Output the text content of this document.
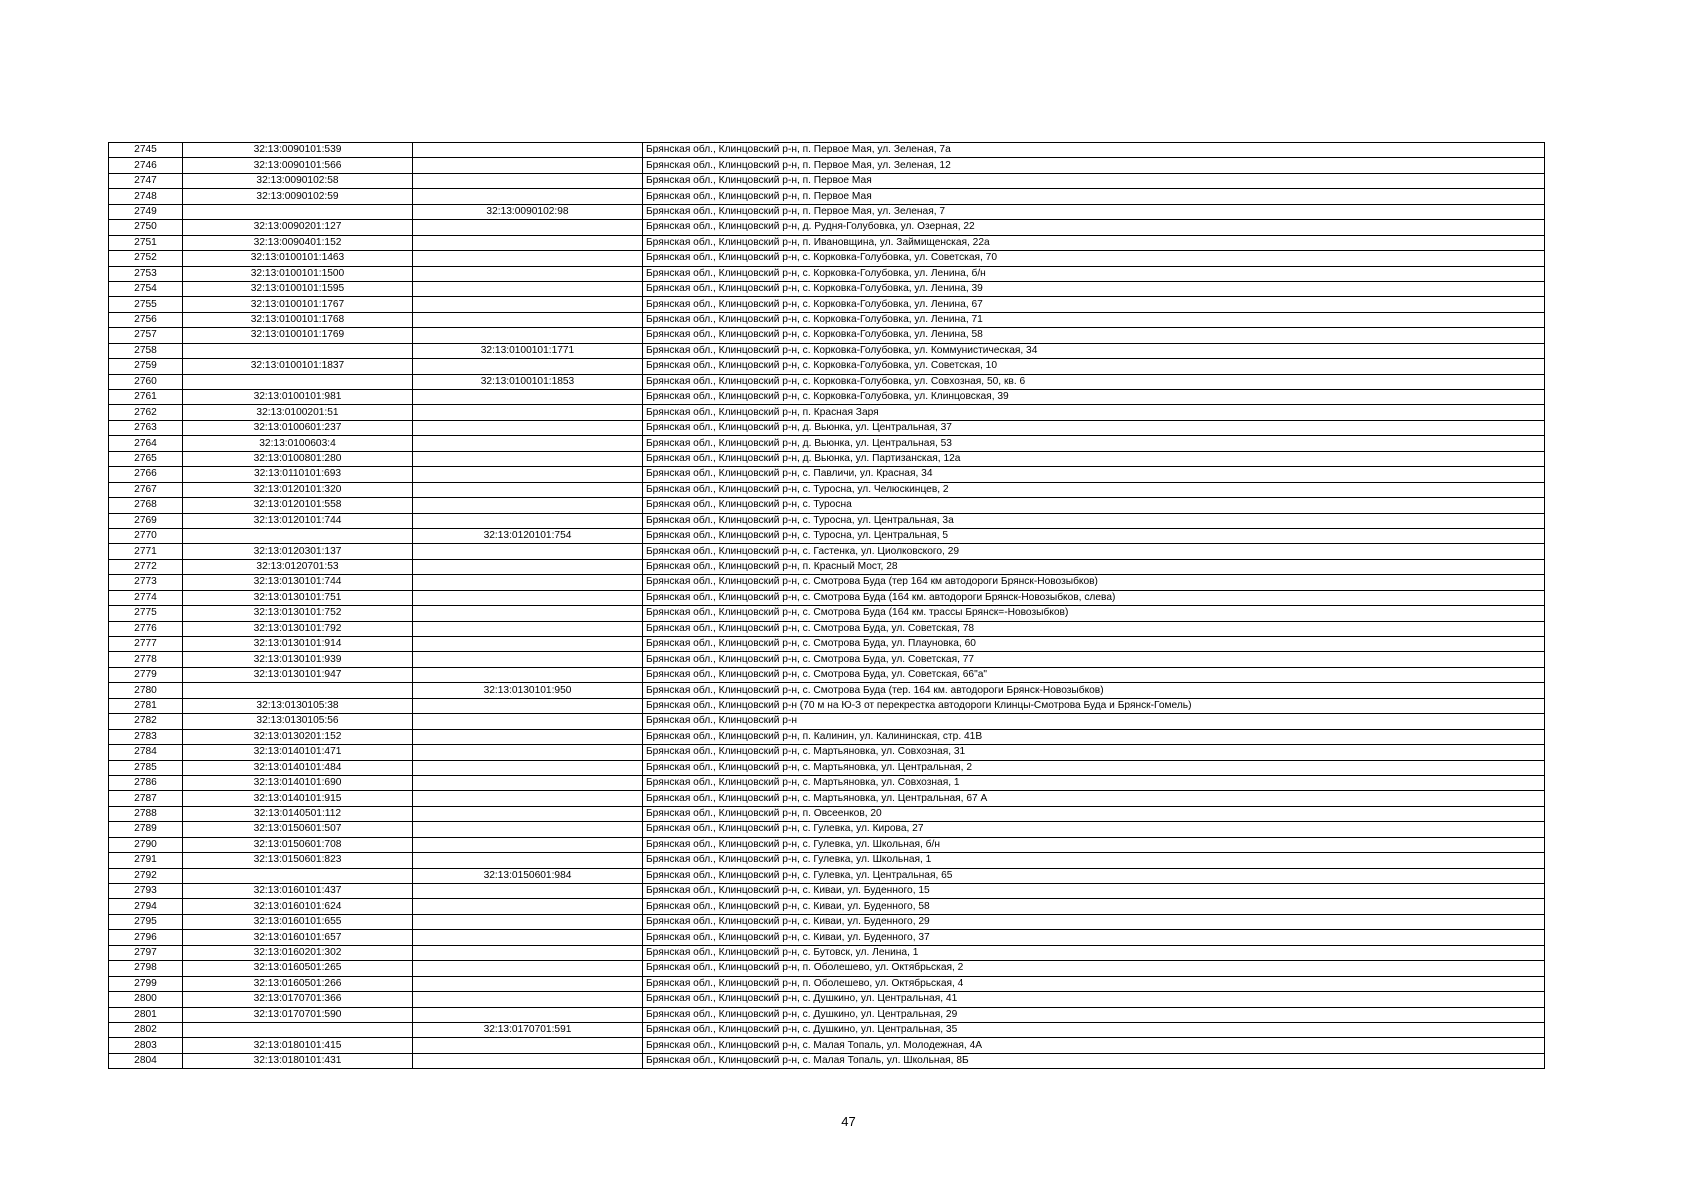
2745	32:13:0090101:539		Брянская обл., Клинцовский р-н, п. Первое Мая, ул. Зеленая, 7а
2746	32:13:0090101:566		Брянская обл., Клинцовский р-н, п. Первое Мая, ул. Зеленая, 12
2747	32:13:0090102:58		Брянская обл., Клинцовский р-н, п. Первое Мая
2748	32:13:0090102:59		Брянская обл., Клинцовский р-н, п. Первое Мая
2749		32:13:0090102:98	Брянская обл., Клинцовский р-н, п. Первое Мая, ул. Зеленая, 7
2750	32:13:0090201:127		Брянская обл., Клинцовский р-н, д. Рудня-Голубовка, ул. Озерная, 22
2751	32:13:0090401:152		Брянская обл., Клинцовский р-н, п. Ивановщина, ул. Займищенская, 22а
2752	32:13:0100101:1463		Брянская обл., Клинцовский р-н, с. Корковка-Голубовка, ул. Советская, 70
2753	32:13:0100101:1500		Брянская обл., Клинцовский р-н, с. Корковка-Голубовка, ул. Ленина, б/н
2754	32:13:0100101:1595		Брянская обл., Клинцовский р-н, с. Корковка-Голубовка, ул. Ленина, 39
2755	32:13:0100101:1767		Брянская обл., Клинцовский р-н, с. Корковка-Голубовка, ул. Ленина, 67
2756	32:13:0100101:1768		Брянская обл., Клинцовский р-н, с. Корковка-Голубовка, ул. Ленина, 71
2757	32:13:0100101:1769		Брянская обл., Клинцовский р-н, с. Корковка-Голубовка, ул. Ленина, 58
2758		32:13:0100101:1771	Брянская обл., Клинцовский р-н, с. Корковка-Голубовка, ул. Коммунистическая, 34
2759	32:13:0100101:1837		Брянская обл., Клинцовский р-н, с. Корковка-Голубовка, ул. Советская, 10
2760		32:13:0100101:1853	Брянская обл., Клинцовский р-н, с. Корковка-Голубовка, ул. Совхозная, 50, кв. 6
2761	32:13:0100101:981		Брянская обл., Клинцовский р-н, с. Корковка-Голубовка, ул. Клинцовская, 39
2762	32:13:0100201:51		Брянская обл., Клинцовский р-н, п. Красная Заря
2763	32:13:0100601:237		Брянская обл., Клинцовский р-н, д. Вьюнка, ул. Центральная, 37
2764	32:13:0100603:4		Брянская обл., Клинцовский р-н, д. Вьюнка, ул. Центральная, 53
2765	32:13:0100801:280		Брянская обл., Клинцовский р-н, д. Вьюнка, ул. Партизанская, 12а
2766	32:13:0110101:693		Брянская обл., Клинцовский р-н, с. Павличи, ул. Красная, 34
2767	32:13:0120101:320		Брянская обл., Клинцовский р-н, с. Туросна, ул. Челюскинцев, 2
2768	32:13:0120101:558		Брянская обл., Клинцовский р-н, с. Туросна
2769	32:13:0120101:744		Брянская обл., Клинцовский р-н, с. Туросна, ул. Центральная, 3а
2770		32:13:0120101:754	Брянская обл., Клинцовский р-н, с. Туросна, ул. Центральная, 5
2771	32:13:0120301:137		Брянская обл., Клинцовский р-н, с. Гастенка, ул. Циолковского, 29
2772	32:13:0120701:53		Брянская обл., Клинцовский р-н, п. Красный Мост, 28
2773	32:13:0130101:744		Брянская обл., Клинцовский р-н, с. Смотрова Буда (тер 164 км автодороги Брянск-Новозыбков)
2774	32:13:0130101:751		Брянская обл., Клинцовский р-н, с. Смотрова Буда (164 км. автодороги Брянск-Новозыбков, слева)
2775	32:13:0130101:752		Брянская обл., Клинцовский р-н, с. Смотрова Буда (164 км. трассы Брянск=-Новозыбков)
2776	32:13:0130101:792		Брянская обл., Клинцовский р-н, с. Смотрова Буда, ул. Советская, 78
2777	32:13:0130101:914		Брянская обл., Клинцовский р-н, с. Смотрова Буда, ул. Плауновка, 60
2778	32:13:0130101:939		Брянская обл., Клинцовский р-н, с. Смотрова Буда, ул. Советская, 77
2779	32:13:0130101:947		Брянская обл., Клинцовский р-н, с. Смотрова Буда, ул. Советская, 66"а"
2780		32:13:0130101:950	Брянская обл., Клинцовский р-н, с. Смотрова Буда (тер. 164 км. автодороги Брянск-Новозыбков)
2781	32:13:0130105:38		Брянская обл., Клинцовский р-н (70 м на Ю-З от перекрестка автодороги Клинцы-Смотрова Буда и Брянск-Гомель)
2782	32:13:0130105:56		Брянская обл., Клинцовский р-н
2783	32:13:0130201:152		Брянская обл., Клинцовский р-н, п. Калинин, ул. Калининская, стр. 41В
2784	32:13:0140101:471		Брянская обл., Клинцовский р-н, с. Мартьяновка, ул. Совхозная, 31
2785	32:13:0140101:484		Брянская обл., Клинцовский р-н, с. Мартьяновка, ул. Центральная, 2
2786	32:13:0140101:690		Брянская обл., Клинцовский р-н, с. Мартьяновка, ул. Совхозная, 1
2787	32:13:0140101:915		Брянская обл., Клинцовский р-н, с. Мартьяновка, ул. Центральная, 67 А
2788	32:13:0140501:112		Брянская обл., Клинцовский р-н, п. Овсеенков, 20
2789	32:13:0150601:507		Брянская обл., Клинцовский р-н, с. Гулевка, ул. Кирова, 27
2790	32:13:0150601:708		Брянская обл., Клинцовский р-н, с. Гулевка, ул. Школьная, б/н
2791	32:13:0150601:823		Брянская обл., Клинцовский р-н, с. Гулевка, ул. Школьная, 1
2792		32:13:0150601:984	Брянская обл., Клинцовский р-н, с. Гулевка, ул. Центральная, 65
2793	32:13:0160101:437		Брянская обл., Клинцовский р-н, с. Киваи, ул. Буденного, 15
2794	32:13:0160101:624		Брянская обл., Клинцовский р-н, с. Киваи, ул. Буденного, 58
2795	32:13:0160101:655		Брянская обл., Клинцовский р-н, с. Киваи, ул. Буденного, 29
2796	32:13:0160101:657		Брянская обл., Клинцовский р-н, с. Киваи, ул. Буденного, 37
2797	32:13:0160201:302		Брянская обл., Клинцовский р-н, с. Бутовск, ул. Ленина, 1
2798	32:13:0160501:265		Брянская обл., Клинцовский р-н, п. Оболешево, ул. Октябрьская, 2
2799	32:13:0160501:266		Брянская обл., Клинцовский р-н, п. Оболешево, ул. Октябрьская, 4
2800	32:13:0170701:366		Брянская обл., Клинцовский р-н, с. Душкино, ул. Центральная, 41
2801	32:13:0170701:590		Брянская обл., Клинцовский р-н, с. Душкино, ул. Центральная, 29
2802		32:13:0170701:591	Брянская обл., Клинцовский р-н, с. Душкино, ул. Центральная, 35
2803	32:13:0180101:415		Брянская обл., Клинцовский р-н, с. Малая Топаль, ул. Молодежная, 4А
2804	32:13:0180101:431		Брянская обл., Клинцовский р-н, с. Малая Топаль, ул. Школьная, 8Б
47
